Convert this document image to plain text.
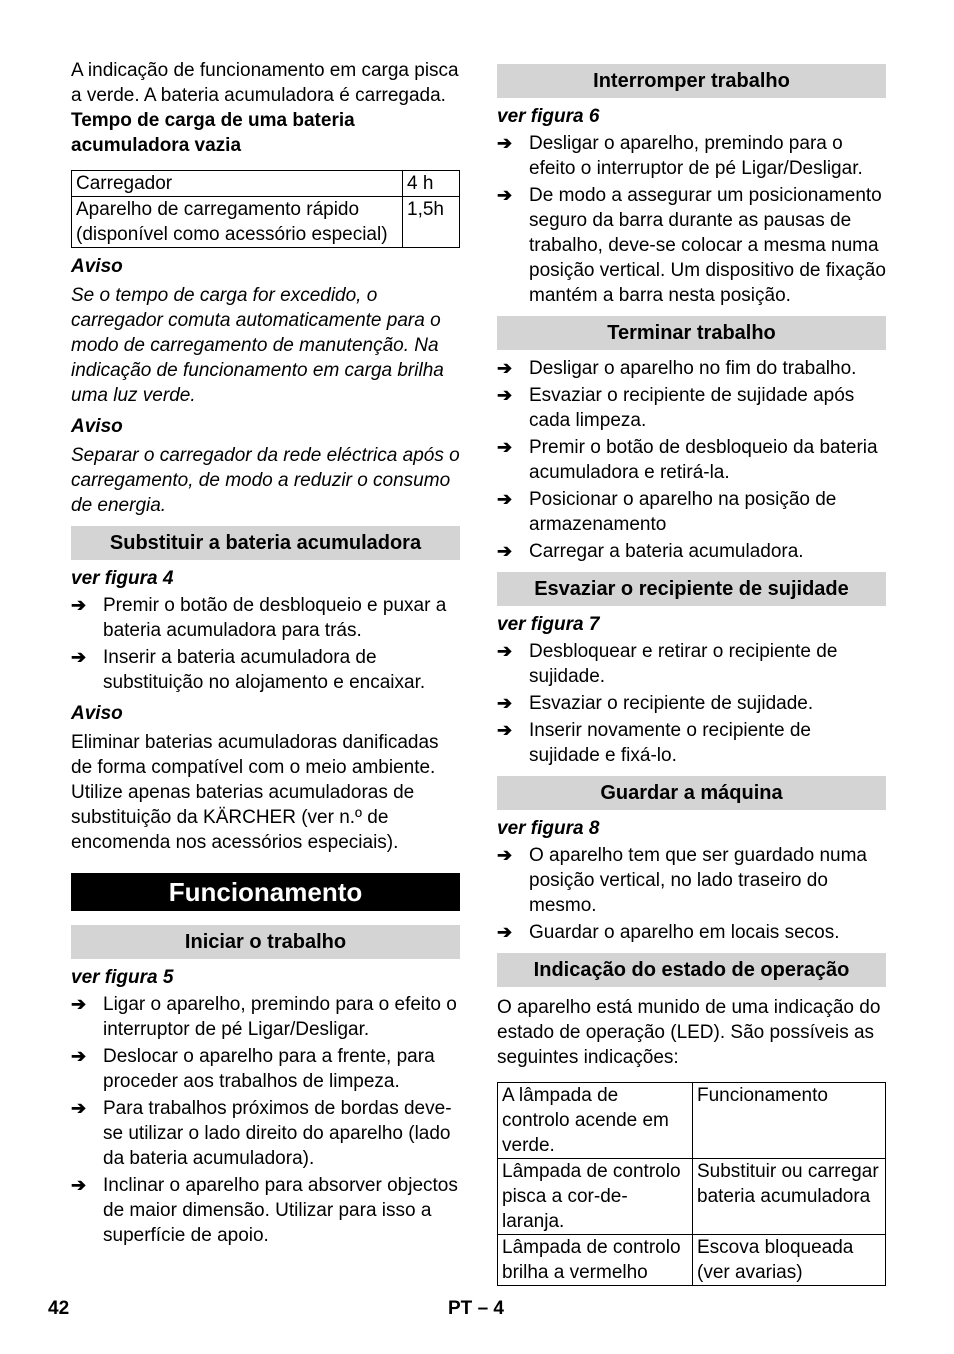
A indicação de funcionamento em carga pisca a verde. A bateria acumuladora é carregada.

Tempo de carga de uma bateria acumuladora vazia

Carregador	4 h
Aparelho de carregamento rápido (disponível como acessório especial)	1,5h

Aviso

Se o tempo de carga for excedido, o carregador comuta automaticamente para o modo de carregamento de manutenção. Na indicação de funcionamento em carga brilha uma luz verde.

Aviso

Separar o carregador da rede eléctrica após o carregamento, de modo a reduzir o consumo de energia.

Substituir a bateria acumuladora

ver figura 4

➔ Premir o botão de desbloqueio e puxar a bateria acumuladora para trás.
➔ Inserir a bateria acumuladora de substituição no alojamento e encaixar.

Aviso

Eliminar baterias acumuladoras danificadas de forma compatível com o meio ambiente. Utilize apenas baterias acumuladoras de substituição da KÄRCHER (ver n.º de encomenda nos acessórios especiais).

Funcionamento
Iniciar o trabalho

ver figura 5

➔ Ligar o aparelho, premindo para o efeito o interruptor de pé Ligar/Desligar.
➔ Deslocar o aparelho para a frente, para proceder aos trabalhos de limpeza.
➔ Para trabalhos próximos de bordas deve-se utilizar o lado direito do aparelho (lado da bateria acumuladora).
➔ Inclinar o aparelho para absorver objectos de maior dimensão. Utilizar para isso a superfície de apoio.
Interromper trabalho

ver figura 6

➔ Desligar o aparelho, premindo para o efeito o interruptor de pé Ligar/Desligar.
➔ De modo a assegurar um posicionamento seguro da barra durante as pausas de trabalho, deve-se colocar a mesma numa posição vertical. Um dispositivo de fixação mantém a barra nesta posição.
Terminar trabalho
➔ Desligar o aparelho no fim do trabalho.
➔ Esvaziar o recipiente de sujidade após cada limpeza.
➔ Premir o botão de desbloqueio da bateria acumuladora e retirá-la.
➔ Posicionar o aparelho na posição de armazenamento
➔ Carregar a bateria acumuladora.
Esvaziar o recipiente de sujidade

ver figura 7

➔ Desbloquear e retirar o recipiente de sujidade.
➔ Esvaziar o recipiente de sujidade.
➔ Inserir novamente o recipiente de sujidade e fixá-lo.
Guardar a máquina

ver figura 8

➔ O aparelho tem que ser guardado numa posição vertical, no lado traseiro do mesmo.
➔ Guardar o aparelho em locais secos.
Indicação do estado de operação

O aparelho está munido de uma indicação do estado de operação (LED). São possíveis as seguintes indicações:

A lâmpada de controlo acende em verde.	Funcionamento
Lâmpada de controlo pisca a cor-de-laranja.	Substituir ou carregar bateria acumuladora
Lâmpada de controlo brilha a vermelho	Escova bloqueada (ver avarias)
42	PT – 4
